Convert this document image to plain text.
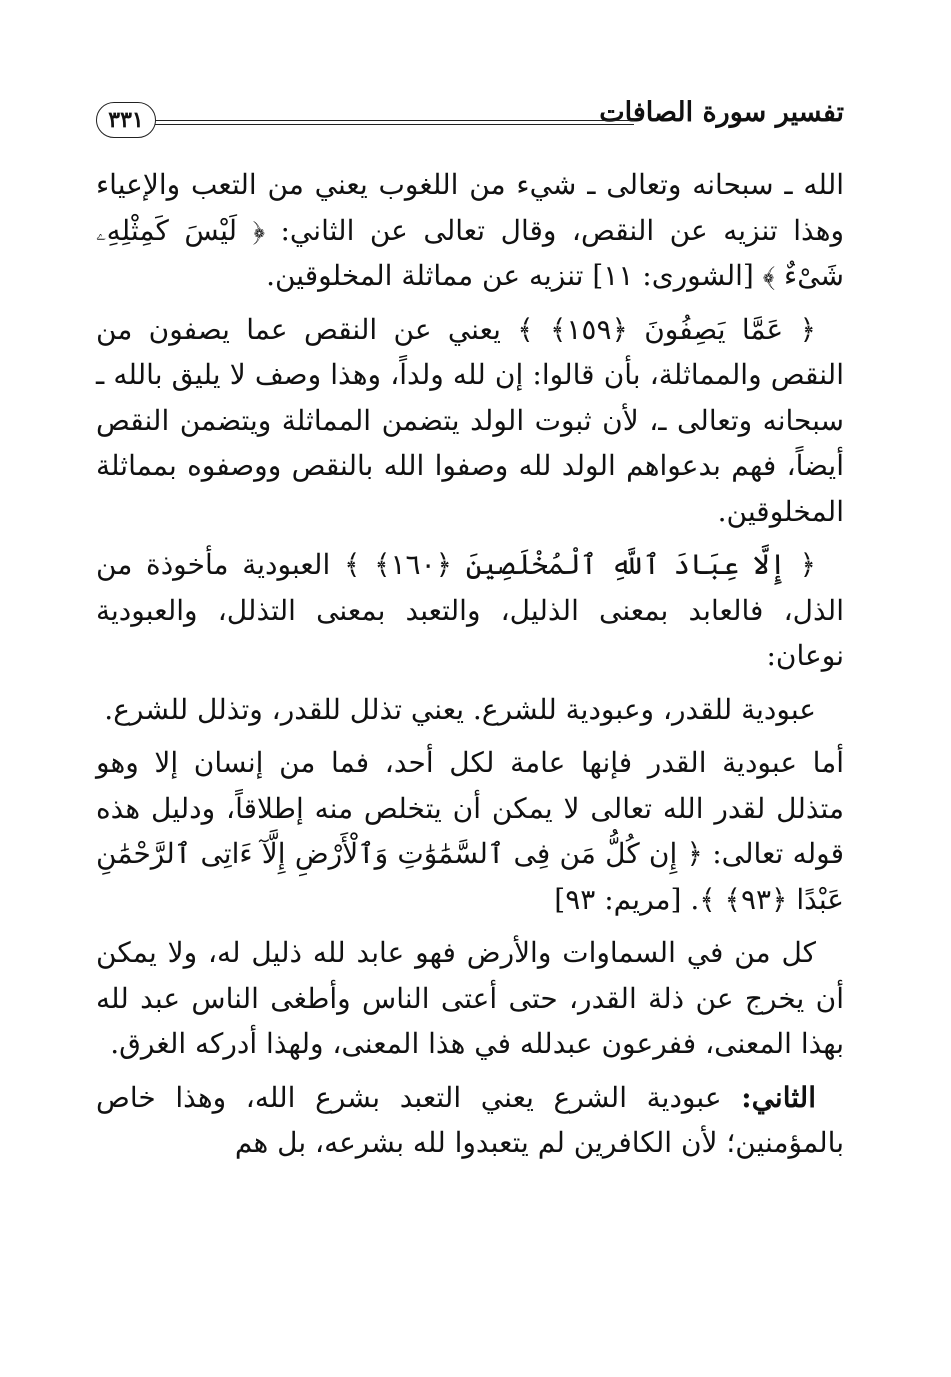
تفسير سورة الصافات
٣٣١

الله ـ سبحانه وتعالى ـ شيء من اللغوب يعني من التعب والإعياء وهذا تنزيه عن النقص، وقال تعالى عن الثاني: ﴿ لَيْسَ كَمِثْلِهِۦ شَىْءٌ ﴾ [الشورى: ١١] تنزيه عن مماثلة المخلوقين.

﴿ عَمَّا يَصِفُونَ ﴿١٥٩﴾ ﴾ يعني عن النقص عما يصفون من النقص والمماثلة، بأن قالوا: إن لله ولداً، وهذا وصف لا يليق بالله ـ سبحانه وتعالى ـ، لأن ثبوت الولد يتضمن المماثلة ويتضمن النقص أيضاً، فهم بدعواهم الولد لله وصفوا الله بالنقص ووصفوه بمماثلة المخلوقين.

﴿ إِلَّا عِبَادَ ٱللَّهِ ٱلْمُخْلَصِينَ ﴿١٦٠﴾ ﴾ العبودية مأخوذة من الذل، فالعابد بمعنى الذليل، والتعبد بمعنى التذلل، والعبودية نوعان:

عبودية للقدر، وعبودية للشرع. يعني تذلل للقدر، وتذلل للشرع.

أما عبودية القدر فإنها عامة لكل أحد، فما من إنسان إلا وهو متذلل لقدر الله تعالى لا يمكن أن يتخلص منه إطلاقاً، ودليل هذه قوله تعالى: ﴿ إِن كُلُّ مَن فِى ٱلسَّمَٰوَٰتِ وَٱلْأَرْضِ إِلَّآ ءَاتِى ٱلرَّحْمَٰنِ عَبْدًا ﴿٩٣﴾ ﴾. [مريم: ٩٣]

كل من في السماوات والأرض فهو عابد لله ذليل له، ولا يمكن أن يخرج عن ذلة القدر، حتى أعتى الناس وأطغى الناس عبد لله بهذا المعنى، ففرعون عبدلله في هذا المعنى، ولهذا أدركه الغرق.

الثاني: عبودية الشرع يعني التعبد بشرع الله، وهذا خاص بالمؤمنين؛ لأن الكافرين لم يتعبدوا لله بشرعه، بل هم
